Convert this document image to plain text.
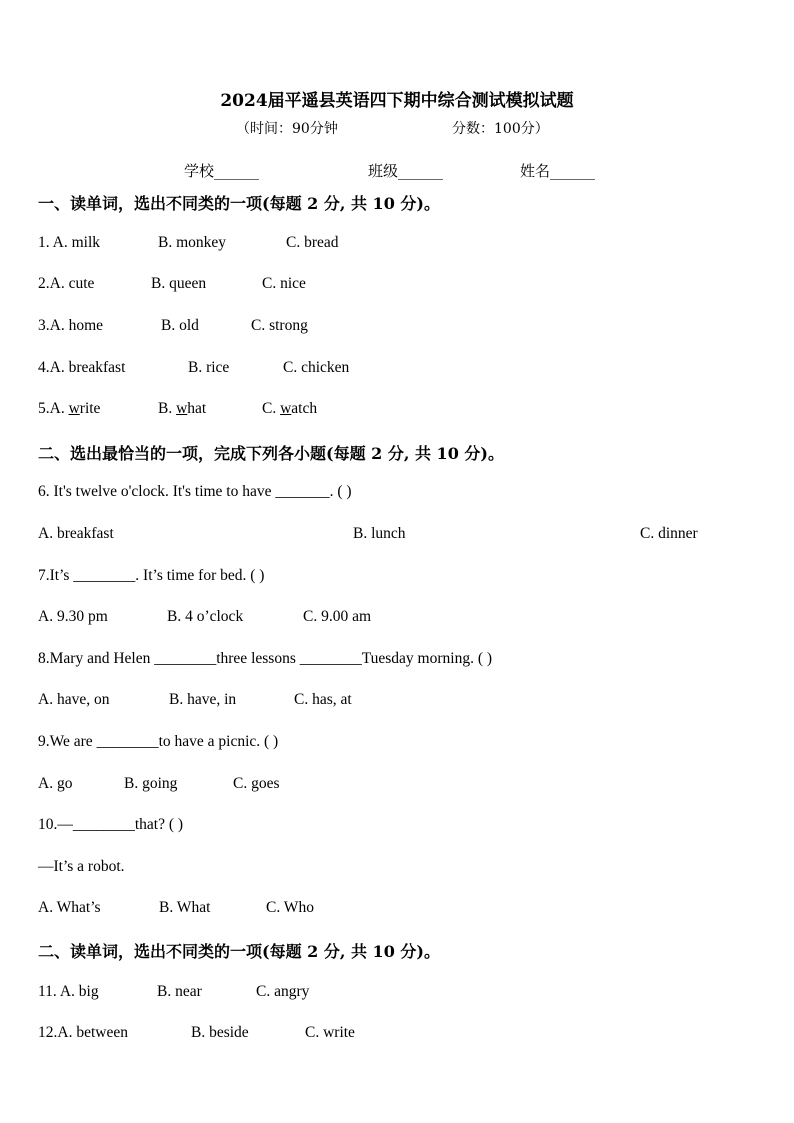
2024届平遥县英语四下期中综合测试模拟试题
（时间：90分钟	分数：100分）
学校______	班级______	姓名______
一、读单词，选出不同类的一项(每题 2 分, 共 10 分)。
1. A. milk	B. monkey	C. bread
2.A. cute	B. queen	C. nice
3.A. home	B. old	C. strong
4.A. breakfast	B. rice	C. chicken
5.A. write	B. what	C. watch
二、选出最恰当的一项，完成下列各小题(每题 2 分, 共 10 分)。
6. It's twelve o'clock. It's time to have _______. ( )
A. breakfast	B. lunch	C. dinner
7.It’s ________. It’s time for bed. ( )
A. 9.30 pm	B. 4 o’clock	C. 9.00 am
8.Mary and Helen ________three lessons ________Tuesday morning. ( )
A. have, on	B. have, in	C. has, at
9.We are ________to have a picnic. ( )
A. go	B. going	C. goes
10.—________that? ( )
—It’s a robot.
A. What’s	B. What	C. Who
二、读单词，选出不同类的一项(每题 2 分, 共 10 分)。
11. A. big	B. near	C. angry
12.A. between	B. beside	C. write
